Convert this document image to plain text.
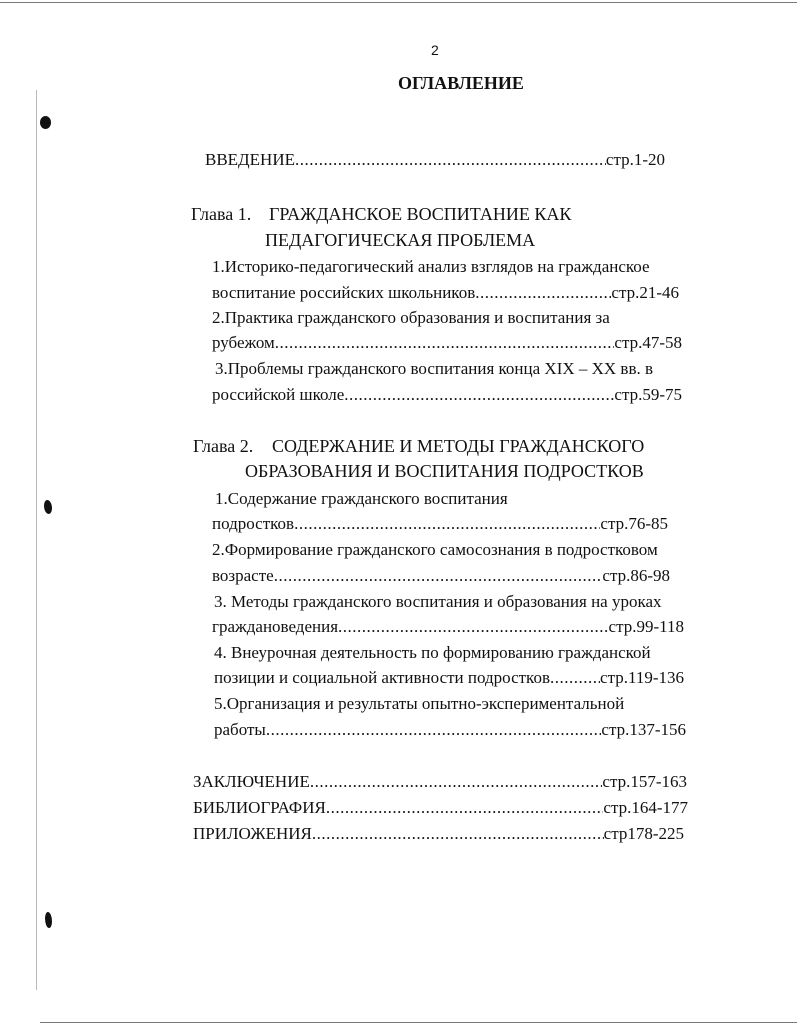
2
ОГЛАВЛЕНИЕ
ВВЕДЕНИЕ .....	стр.1-20
Глава 1. ГРАЖДАНСКОЕ ВОСПИТАНИЕ КАК
ПЕДАГОГИЧЕСКАЯ ПРОБЛЕМА
1.Историко-педагогический анализ взглядов на гражданское
воспитание российских школьников .....	стр.21-46
2.Практика гражданского образования и воспитания за
рубежом .....	стр.47-58
3.Проблемы гражданского воспитания конца XIX – XX вв. в
российской школе .....	стр.59-75
Глава 2. СОДЕРЖАНИЕ И МЕТОДЫ ГРАЖДАНСКОГО
ОБРАЗОВАНИЯ И ВОСПИТАНИЯ ПОДРОСТКОВ
1.Содержание гражданского воспитания
подростков .....	стр.76-85
2.Формирование гражданского самосознания в подростковом
возрасте .....	стр.86-98
3. Методы гражданского воспитания и образования на уроках
граждановедения .....	стр.99-118
4. Внеурочная деятельность по формированию гражданской
позиции и социальной активности подростков .....	стр.119-136
5.Организация и результаты опытно-экспериментальной
работы .....	стр.137-156
ЗАКЛЮЧЕНИЕ .....	стр.157-163
БИБЛИОГРАФИЯ .....	стр.164-177
ПРИЛОЖЕНИЯ .....	стр178-225
